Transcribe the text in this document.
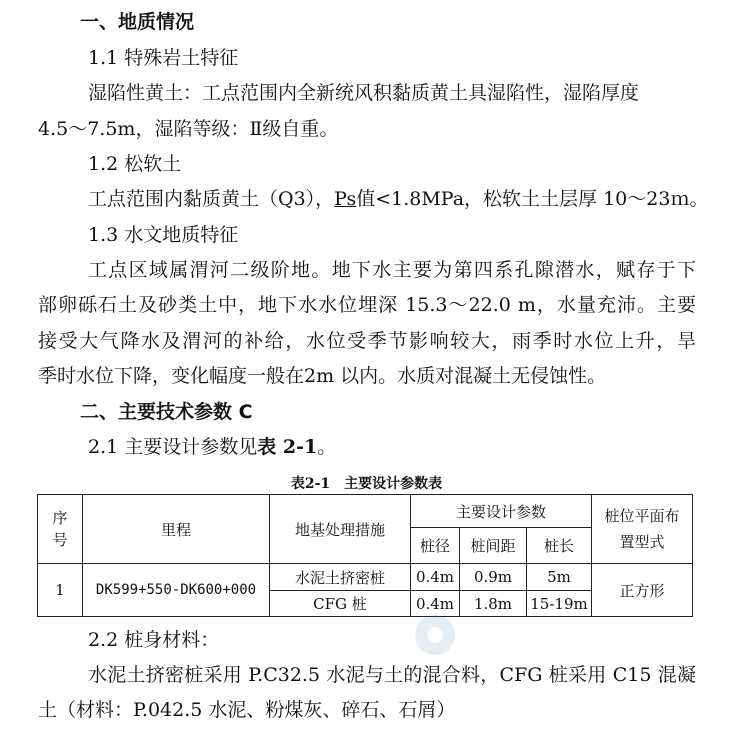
一、地质情况
1.1 特殊岩土特征
湿陷性黄土：工点范围内全新统风积黏质黄土具湿陷性，湿陷厚度
4.5～7.5m，湿陷等级：Ⅱ级自重。
1.2 松软土
工点范围内黏质黄土（Q3），Ps值<1.8MPa，松软土土层厚 10～23ｍ。
1.3 水文地质特征
工点区域属渭河二级阶地。地下水主要为第四系孔隙潜水，赋存于下
部卵砾石土及砂类土中，地下水水位埋深 15.3～22.0 m，水量充沛。主要
接受大气降水及渭河的补给，水位受季节影响较大，雨季时水位上升，旱
季时水位下降，变化幅度一般在2m 以内。水质对混凝土无侵蚀性。
二、主要技术参数 C
2.1 主要设计参数见表 2-1。
表2-1　主要设计参数表
序号	里程	地基处理措施	主要设计参数			桩位平面布置型式
			桩径	桩间距	桩长	
1	DK599+550-DK600+000	水泥土挤密桩	0.4m	0.9m	5m	正方形
		CFG 桩	0.4m	1.8m	15-19m	
2.2 桩身材料：
水泥土挤密桩采用 P.C32.5 水泥与土的混合料，CFG 桩采用 C15 混凝
土（材料：P.042.5 水泥、粉煤灰、碎石、石屑）
